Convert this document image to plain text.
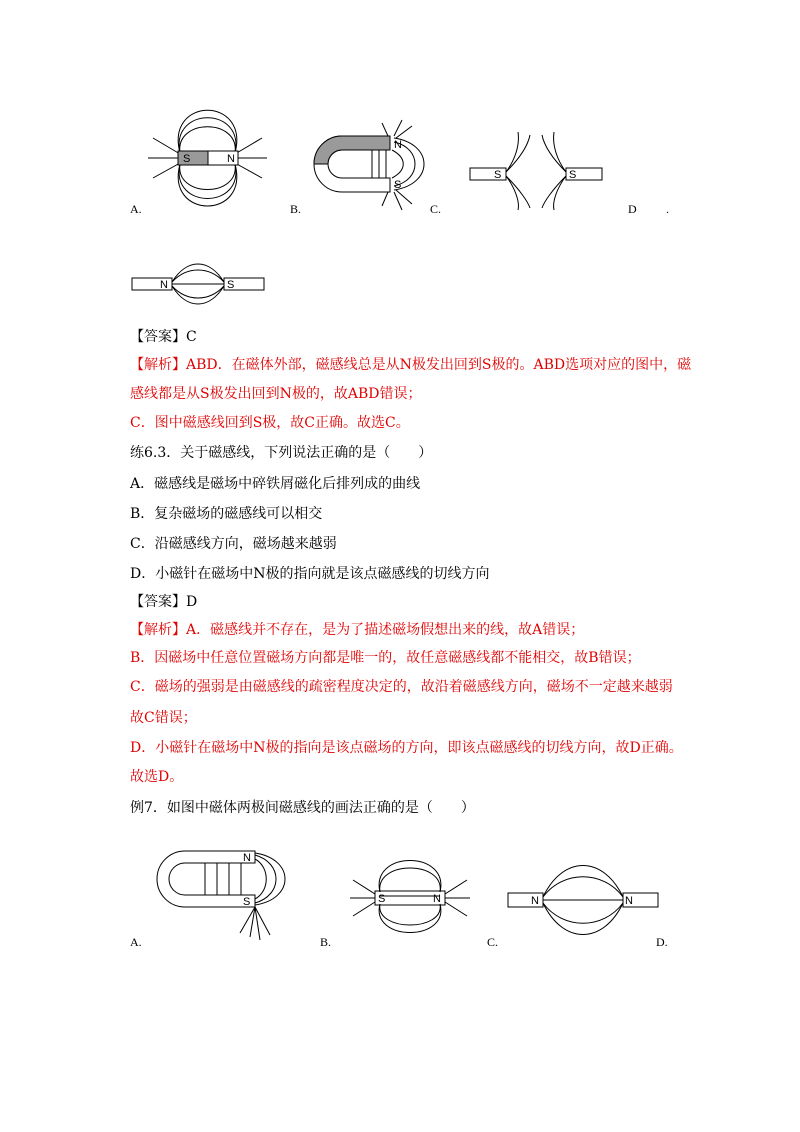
S	N
A.
N
S
B.
S	S
C.	D .
N	S
【答案】C
【解析】ABD．在磁体外部，磁感线总是从N极发出回到S极的。ABD选项对应的图中，磁
感线都是从S极发出回到N极的，故ABD错误；
C．图中磁感线回到S极，故C正确。故选C。
练6.3．关于磁感线，下列说法正确的是（　　）
A．磁感线是磁场中碎铁屑磁化后排列成的曲线
B．复杂磁场的磁感线可以相交
C．沿磁感线方向，磁场越来越弱
D．小磁针在磁场中N极的指向就是该点磁感线的切线方向
【答案】D
【解析】A．磁感线并不存在，是为了描述磁场假想出来的线，故A错误；
B．因磁场中任意位置磁场方向都是唯一的，故任意磁感线都不能相交，故B错误；
C．磁场的强弱是由磁感线的疏密程度决定的，故沿着磁感线方向，磁场不一定越来越弱
故C错误；
D．小磁针在磁场中N极的指向是该点磁场的方向，即该点磁感线的切线方向，故D正确。
故选D。
例7．如图中磁体两极间磁感线的画法正确的是（　　）
N
S
A.
S	N
B.
N	N
C.	D.
